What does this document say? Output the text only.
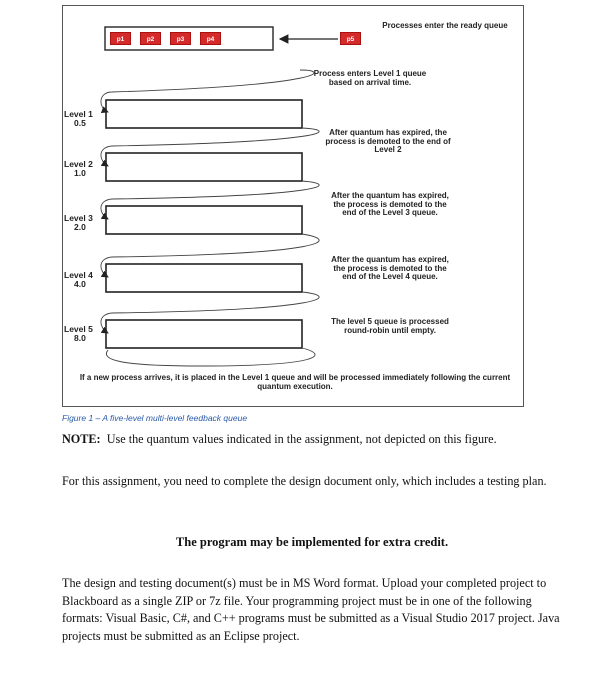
p1	p2	p3	p4	p5
Processes enter the ready queue
Process enters Level 1 queue based on arrival time.
Level 1
0.5
Level 2
1.0
Level 3
2.0
Level 4
4.0
Level 5
8.0
After quantum has expired, the process is demoted to the end of Level 2
After the quantum has expired, the process is demoted to the end of the Level 3 queue.
After the quantum has expired, the process is demoted to the end of the Level 4 queue.
The level 5 queue is processed round-robin until empty.
If a new process arrives, it is placed in the Level 1 queue and will be processed immediately following the current quantum execution.
Figure 1 – A five-level multi-level feedback queue
NOTE: Use the quantum values indicated in the assignment, not depicted on this figure.
For this assignment, you need to complete the design document only, which includes a testing plan.
The program may be implemented for extra credit.
The design and testing document(s) must be in MS Word format. Upload your completed project to Blackboard as a single ZIP or 7z file. Your programming project must be in one of the following formats: Visual Basic, C#, and C++ programs must be submitted as a Visual Studio 2017 project. Java projects must be submitted as an Eclipse project.
